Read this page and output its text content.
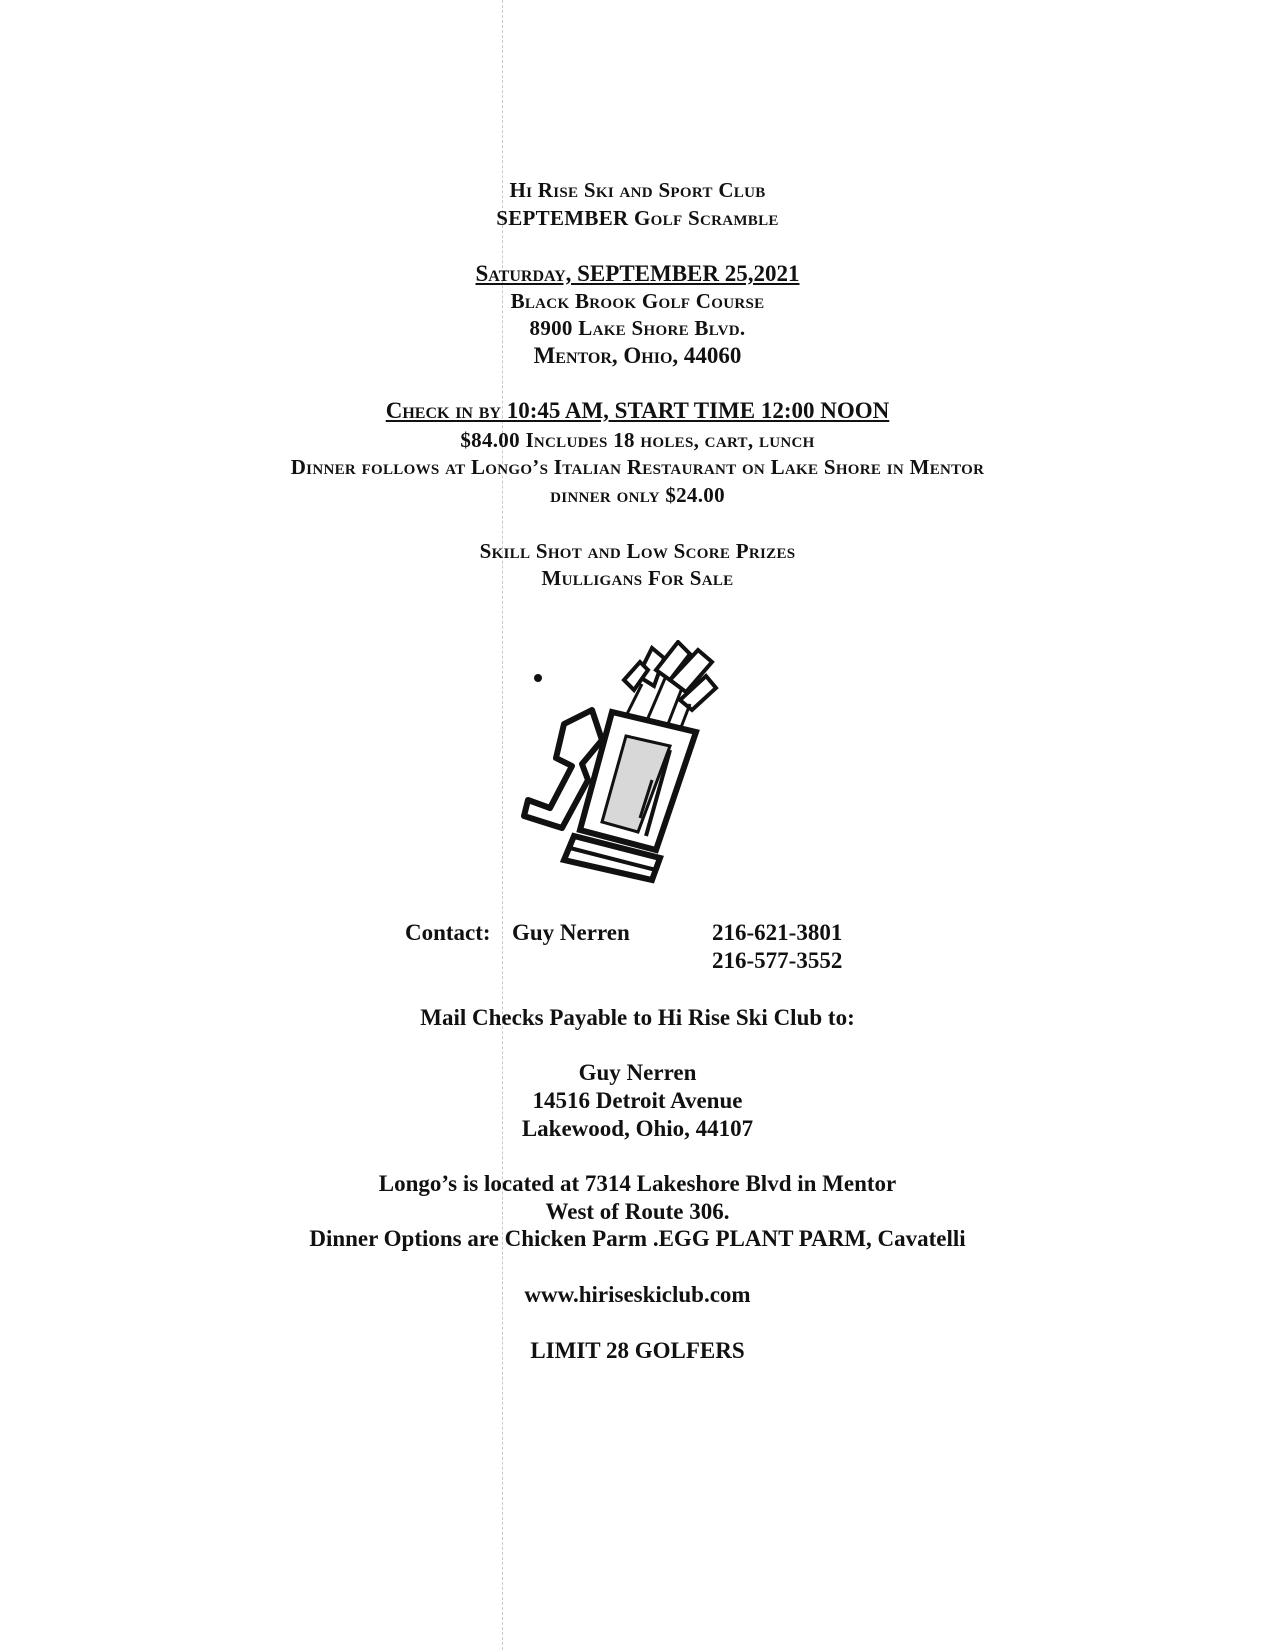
Hi Rise Ski and Sport Club
SEPTEMBER Golf Scramble
Saturday, SEPTEMBER 25,2021
Black Brook Golf Course
8900 Lake Shore Blvd.
Mentor, Ohio, 44060
Check in by 10:45 AM, START TIME 12:00 NOON
$84.00 Includes 18 holes, cart, lunch
Dinner follows at Longo’s Italian Restaurant on Lake Shore in Mentor
dinner only $24.00
Skill Shot and Low Score Prizes
Mulligans For Sale
Contact: Guy Nerren	216-621-3801
216-577-3552
Mail Checks Payable to Hi Rise Ski Club to:
Guy Nerren
14516 Detroit Avenue
Lakewood, Ohio, 44107
Longo’s is located at 7314 Lakeshore Blvd in Mentor
West of Route 306.
Dinner Options are Chicken Parm .EGG PLANT PARM, Cavatelli
www.hiriseskiclub.com
LIMIT 28 GOLFERS
